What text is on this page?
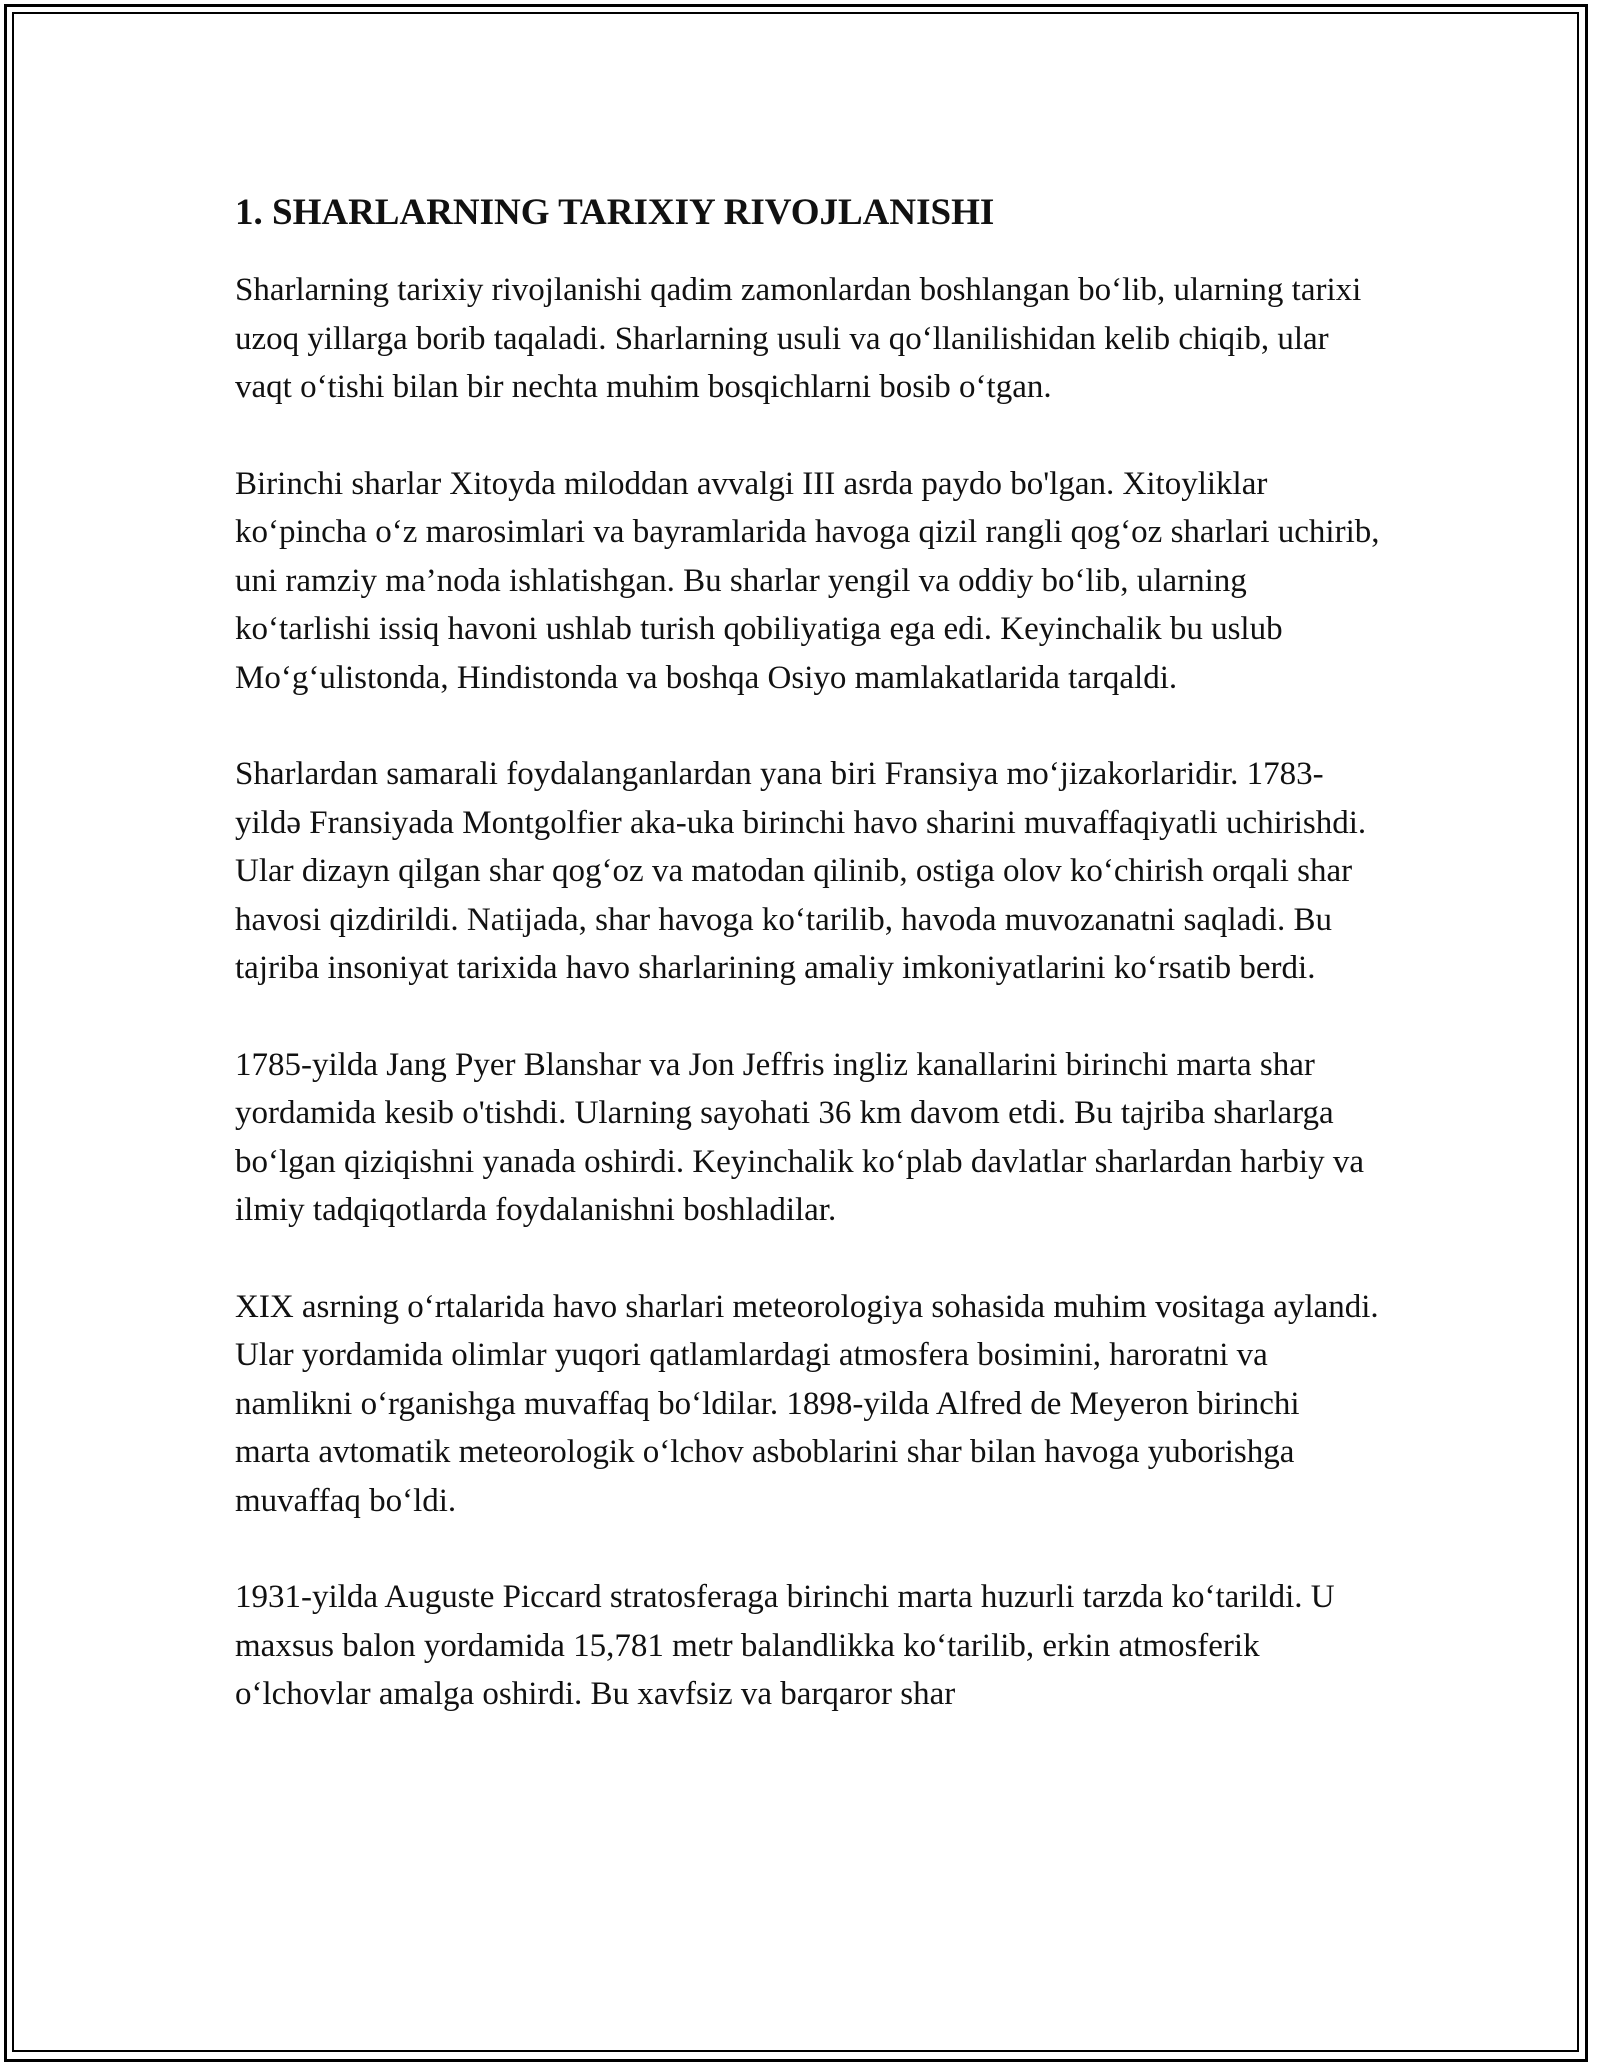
1. SHARLARNING TARIXIY RIVOJLANISHI

Sharlarning tarixiy rivojlanishi qadim zamonlardan boshlangan bo‘lib, ularning tarixi uzoq yillarga borib taqaladi. Sharlarning usuli va qo‘llanilishidan kelib chiqib, ular vaqt o‘tishi bilan bir nechta muhim bosqichlarni bosib o‘tgan.

Birinchi sharlar Xitoyda miloddan avvalgi III asrda paydo bo'lgan. Xitoyliklar ko‘pincha o‘z marosimlari va bayramlarida havoga qizil rangli qog‘oz sharlari uchirib, uni ramziy ma’noda ishlatishgan. Bu sharlar yengil va oddiy bo‘lib, ularning ko‘tarlishi issiq havoni ushlab turish qobiliyatiga ega edi. Keyinchalik bu uslub Mo‘g‘ulistonda, Hindistonda va boshqa Osiyo mamlakatlarida tarqaldi.

Sharlardan samarali foydalanganlardan yana biri Fransiya mo‘jizakorlaridir. 1783-yildə Fransiyada Montgolfier aka-uka birinchi havo sharini muvaffaqiyatli uchirishdi. Ular dizayn qilgan shar qog‘oz va matodan qilinib, ostiga olov ko‘chirish orqali shar havosi qizdirildi. Natijada, shar havoga ko‘tarilib, havoda muvozanatni saqladi. Bu tajriba insoniyat tarixida havo sharlarining amaliy imkoniyatlarini ko‘rsatib berdi.

1785-yilda Jang Pyer Blanshar va Jon Jeffris ingliz kanallarini birinchi marta shar yordamida kesib o'tishdi. Ularning sayohati 36 km davom etdi. Bu tajriba sharlarga bo‘lgan qiziqishni yanada oshirdi. Keyinchalik ko‘plab davlatlar sharlardan harbiy va ilmiy tadqiqotlarda foydalanishni boshladilar.

XIX asrning o‘rtalarida havo sharlari meteorologiya sohasida muhim vositaga aylandi. Ular yordamida olimlar yuqori qatlamlardagi atmosfera bosimini, haroratni va namlikni o‘rganishga muvaffaq bo‘ldilar. 1898-yilda Alfred de Meyeron birinchi marta avtomatik meteorologik o‘lchov asboblarini shar bilan havoga yuborishga muvaffaq bo‘ldi.

1931-yilda Auguste Piccard stratosferaga birinchi marta huzurli tarzda ko‘tarildi. U maxsus balon yordamida 15,781 metr balandlikka ko‘tarilib, erkin atmosferik o‘lchovlar amalga oshirdi. Bu xavfsiz va barqaror shar
